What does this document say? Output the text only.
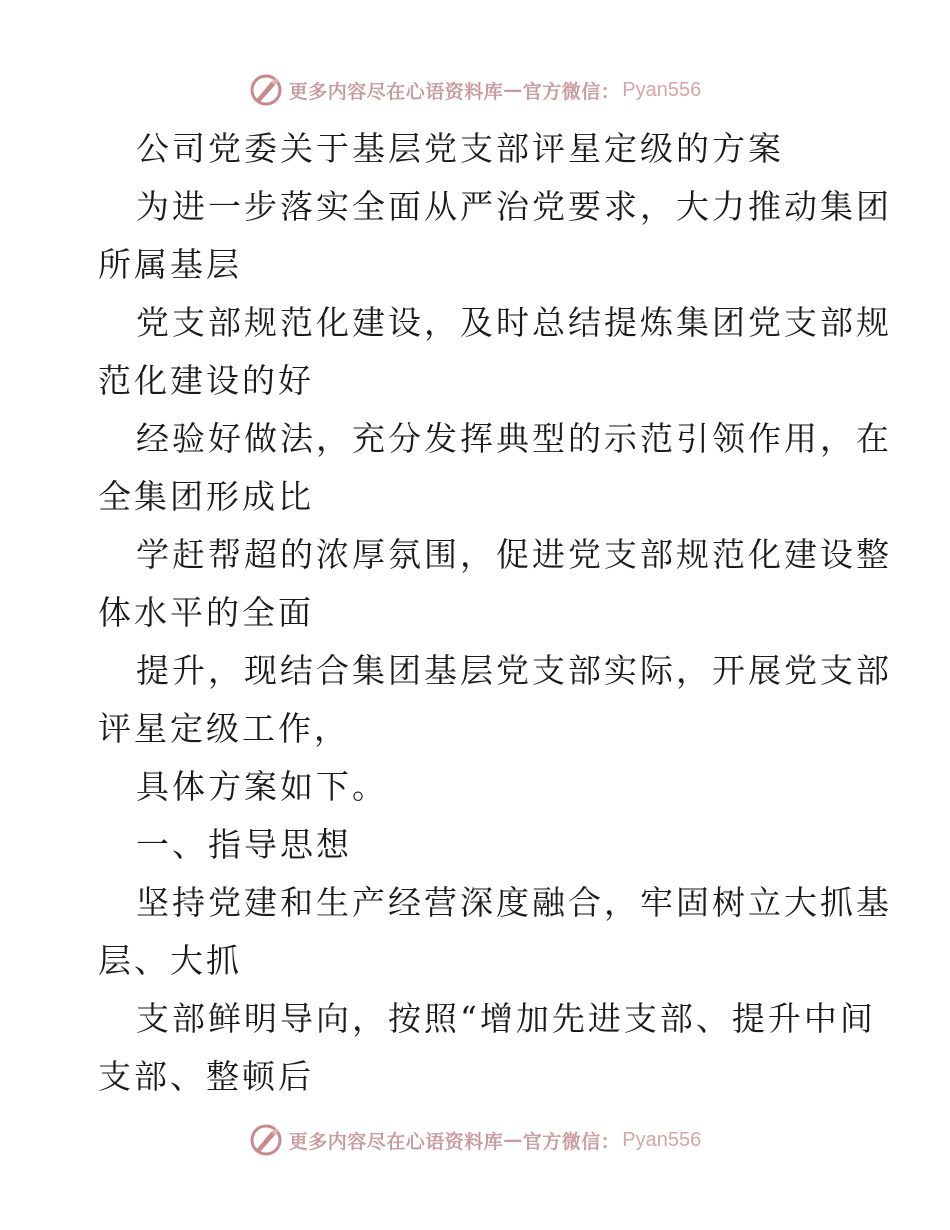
更多内容尽在心语资料库 — 官方微信： Pyan556
公司党委关于基层党支部评星定级的方案
为进一步落实全面从严治党要求，大力推动集团
所属基层
党支部规范化建设，及时总结提炼集团党支部规
范化建设的好
经验好做法，充分发挥典型的示范引领作用，在
全集团形成比
学赶帮超的浓厚氛围，促进党支部规范化建设整
体水平的全面
提升，现结合集团基层党支部实际，开展党支部
评星定级工作，
具体方案如下。
一、指导思想
坚持党建和生产经营深度融合，牢固树立大抓基
层、大抓
支部鲜明导向，按照“增加先进支部、提升中间
支部、整顿后
更多内容尽在心语资料库 — 官方微信： Pyan556
